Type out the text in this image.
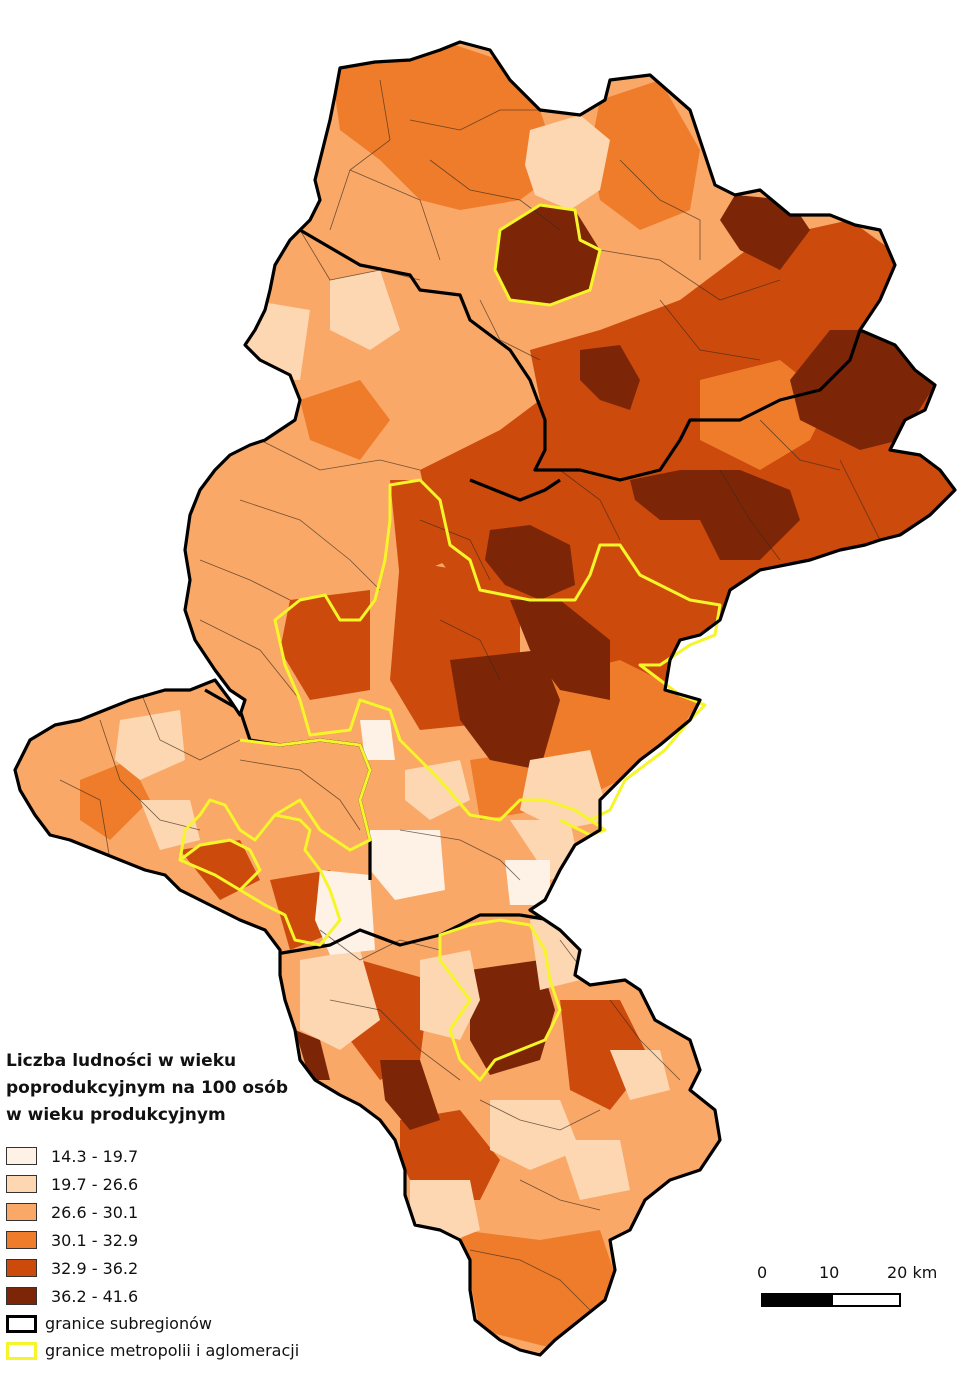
Liczba ludności w wieku
poprodukcyjnym na 100 osób
w wieku produkcyjnym
14.3 - 19.7
19.7 - 26.6
26.6 - 30.1
30.1 - 32.9
32.9 - 36.2
36.2 - 41.6
granice subregionów
granice metropolii i aglomeracji
0	10	20 km
